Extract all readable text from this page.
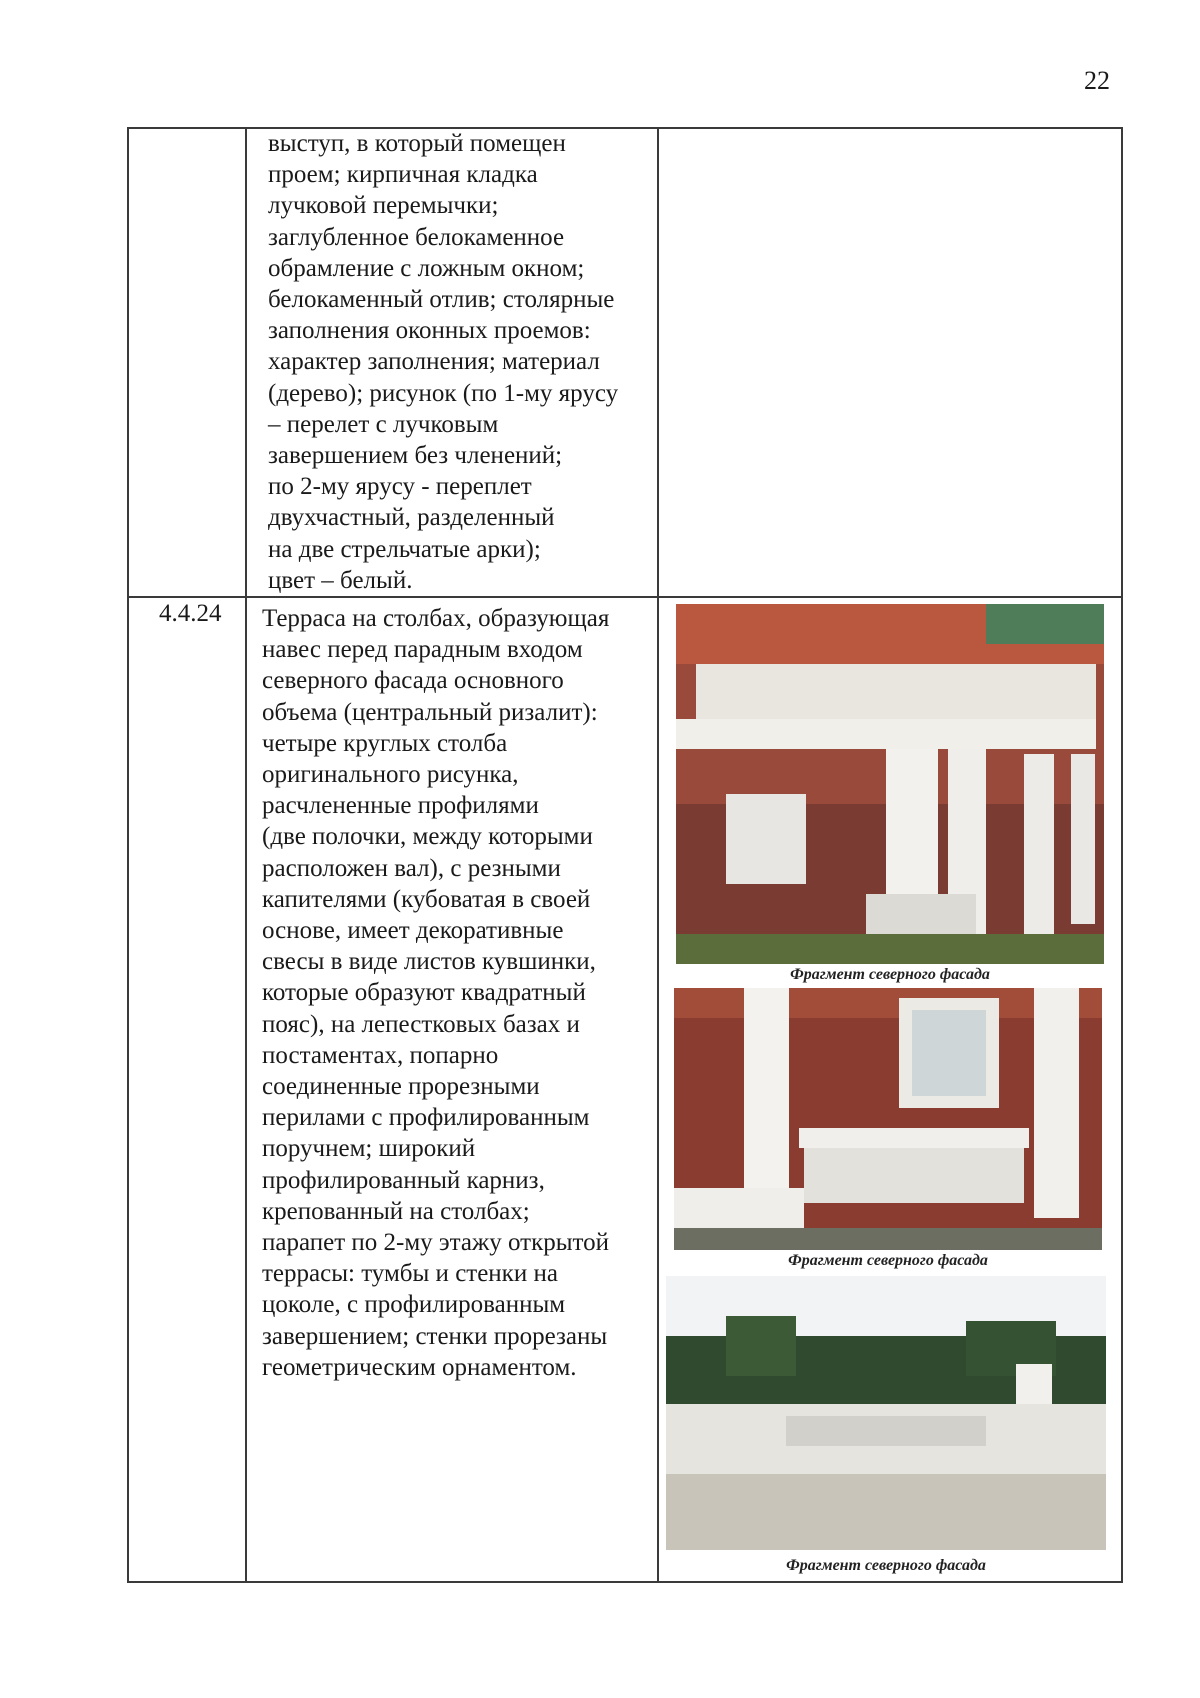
22

выступ, в который помещен
проем; кирпичная кладка
лучковой перемычки;
заглубленное белокаменное
обрамление с ложным окном;
белокаменный отлив; столярные
заполнения оконных проемов:
характер заполнения; материал
(дерево); рисунок (по 1-му ярусу
– перелет с лучковым
завершением без членений;
по 2-му ярусу - переплет
двухчастный, разделенный
на две стрельчатые арки);
цвет – белый.

4.4.24 Терраса на столбах, образующая
навес перед парадным входом
северного фасада основного
объема (центральный ризалит):
четыре круглых столба
оригинального рисунка,
расчлененные профилями
(две полочки, между которыми
расположен вал), с резными
капителями (кубоватая в своей
основе, имеет декоративные
свесы в виде листов кувшинки,
которые образуют квадратный
пояс), на лепестковых базах и
постаментах, попарно
соединенные прорезными
перилами с профилированным
поручнем; широкий
профилированный карниз,
крепованный на столбах;
парапет по 2-му этажу открытой
террасы: тумбы и стенки на
цоколе, с профилированным
завершением; стенки прорезаны
геометрическим орнаментом.

Фрагмент северного фасада
Фрагмент северного фасада
Фрагмент северного фасада
